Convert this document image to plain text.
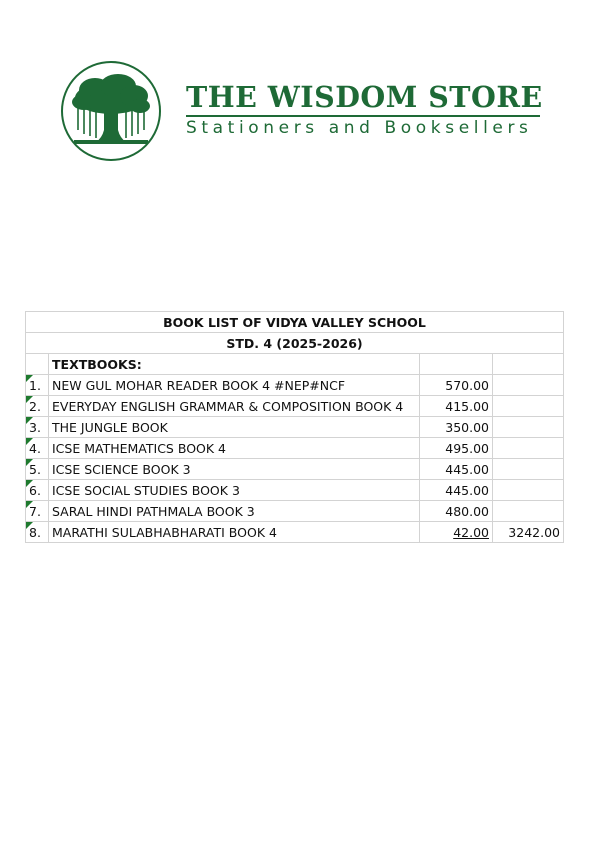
THE WISDOM STORE
Stationers and Booksellers
BOOK LIST OF VIDYA VALLEY SCHOOL			
STD. 4 (2025-2026)			
	TEXTBOOKS:		

1.	NEW GUL MOHAR READER BOOK 4 #NEP#NCF	570.00	

2.	EVERYDAY ENGLISH GRAMMAR & COMPOSITION BOOK 4	415.00	

3.	THE JUNGLE BOOK	350.00	

4.	ICSE MATHEMATICS BOOK 4	495.00	

5.	ICSE SCIENCE BOOK 3	445.00	

6.	ICSE SOCIAL STUDIES BOOK 3	445.00	

7.	SARAL HINDI PATHMALA BOOK 3	480.00	

8.	MARATHI SULABHABHARATI BOOK 4	42.00	3242.00
